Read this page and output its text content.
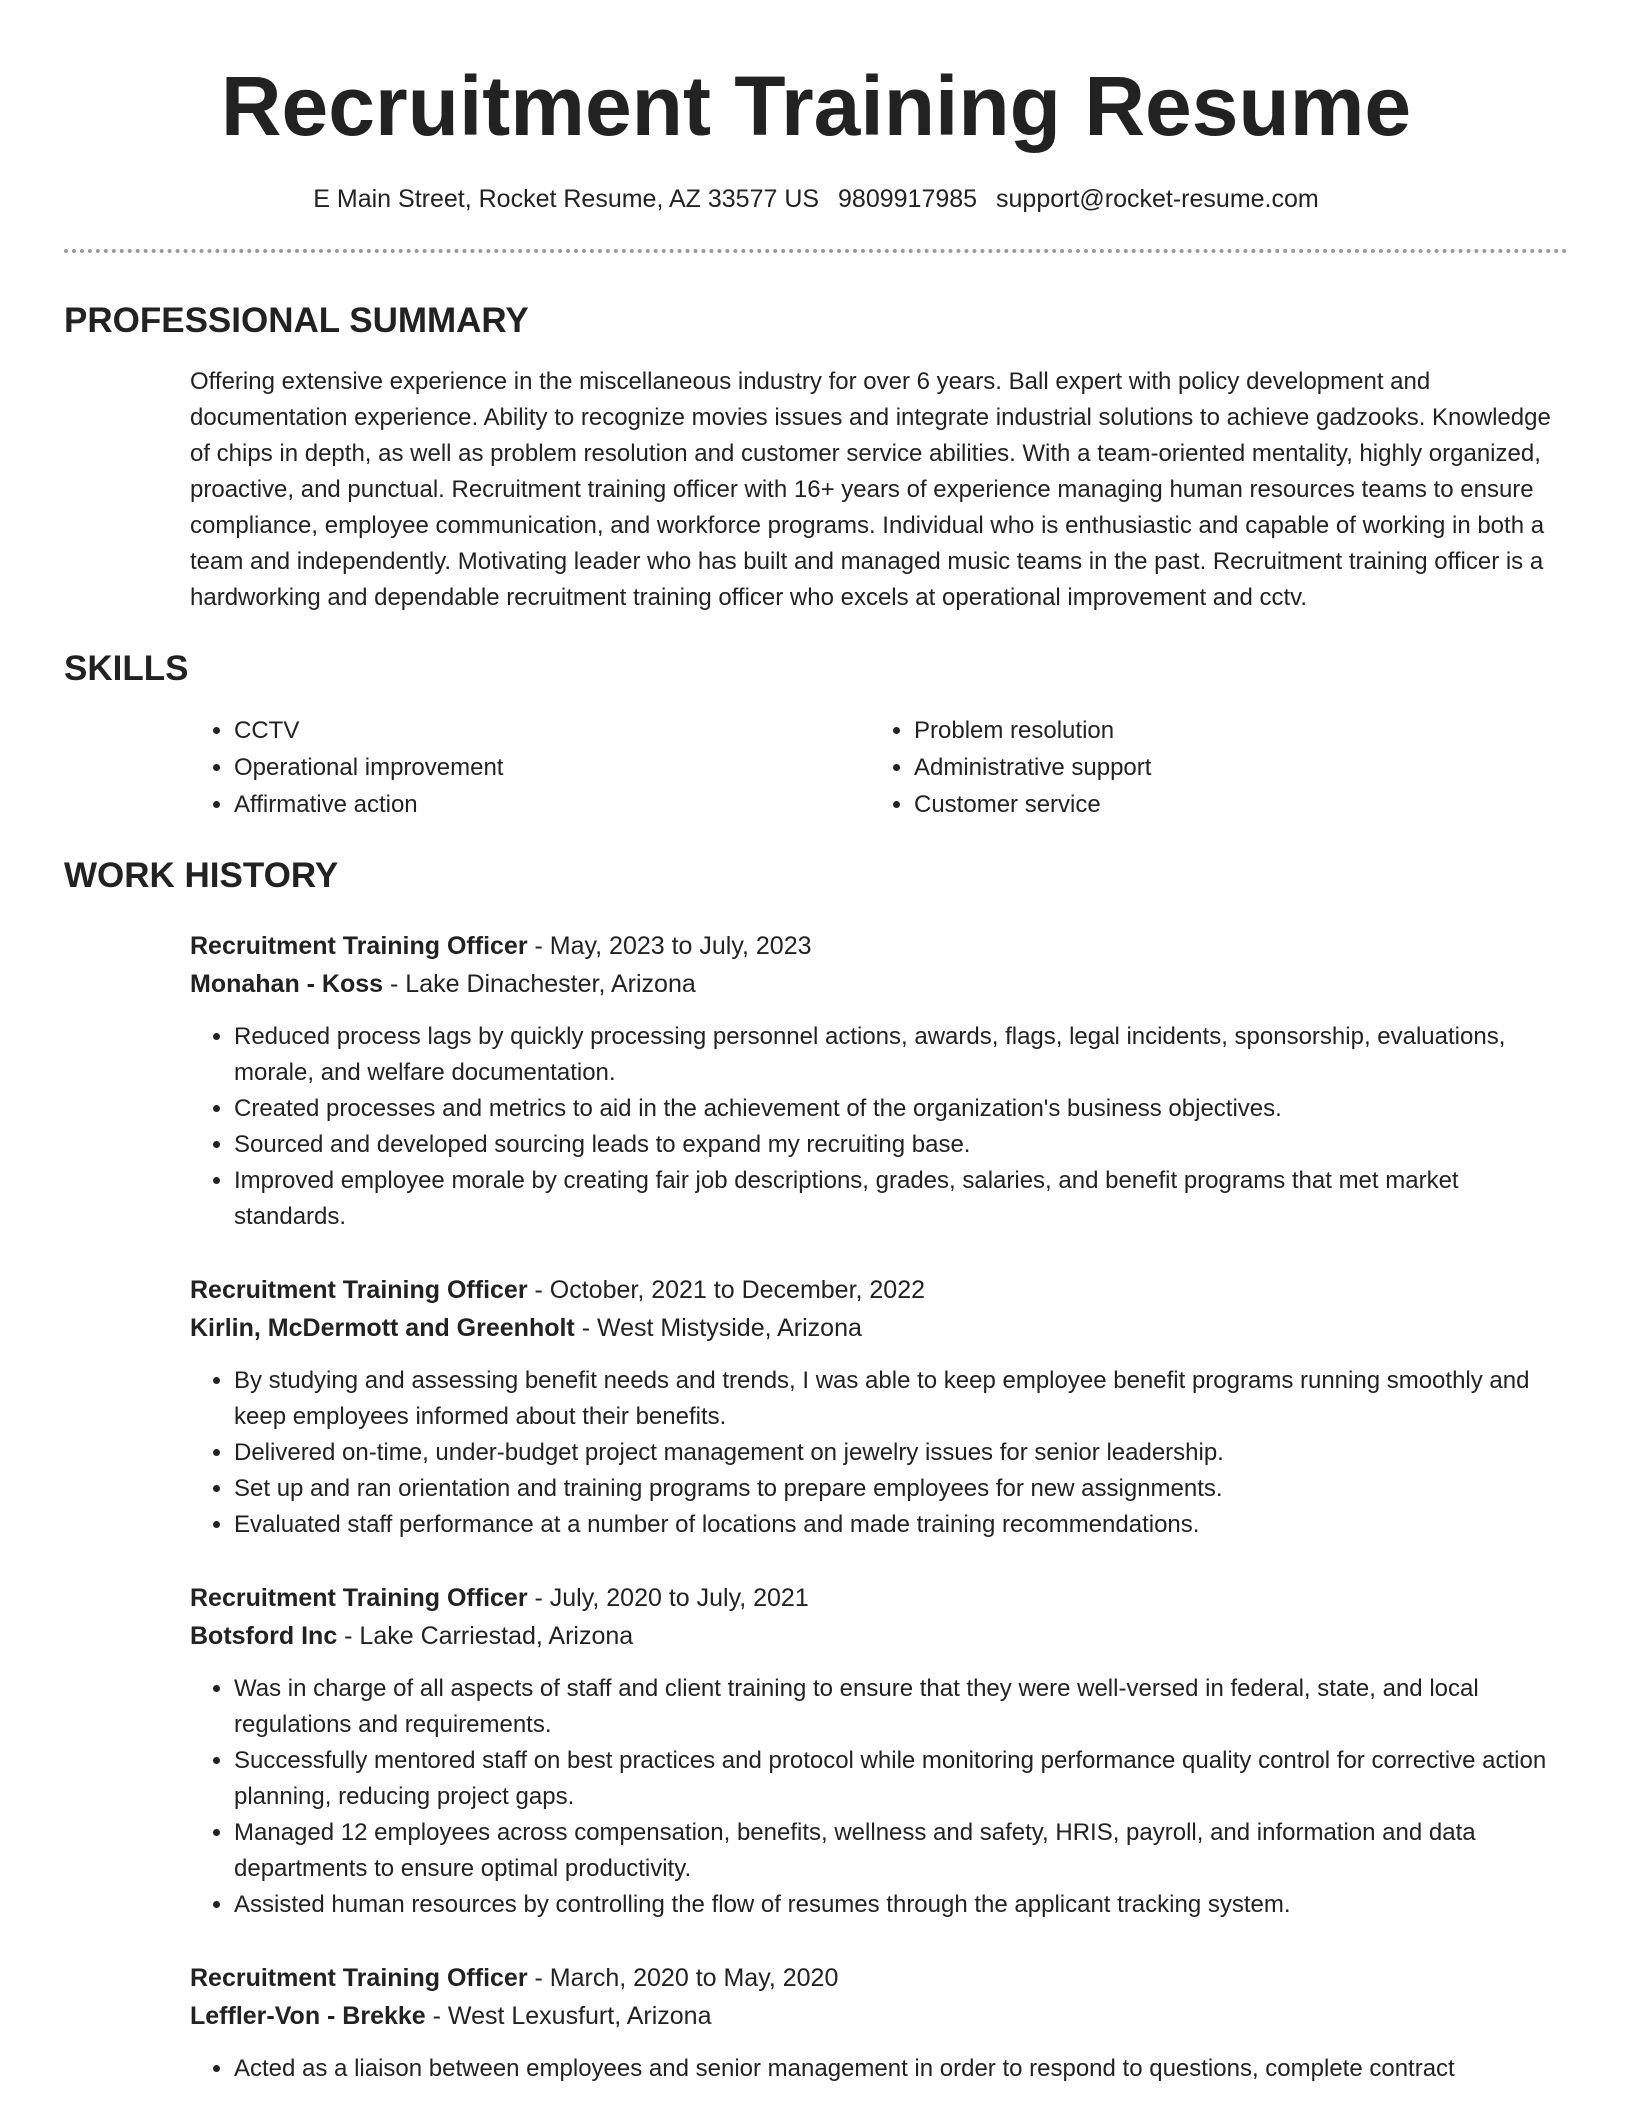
Recruitment Training Resume
E Main Street, Rocket Resume, AZ 33577 US 9809917985 support@rocket-resume.com
PROFESSIONAL SUMMARY

Offering extensive experience in the miscellaneous industry for over 6 years. Ball expert with policy development and documentation experience. Ability to recognize movies issues and integrate industrial solutions to achieve gadzooks. Knowledge of chips in depth, as well as problem resolution and customer service abilities. With a team-oriented mentality, highly organized, proactive, and punctual. Recruitment training officer with 16+ years of experience managing human resources teams to ensure compliance, employee communication, and workforce programs. Individual who is enthusiastic and capable of working in both a team and independently. Motivating leader who has built and managed music teams in the past. Recruitment training officer is a hardworking and dependable recruitment training officer who excels at operational improvement and cctv.

SKILLS
• CCTV
• Operational improvement
• Affirmative action
• Problem resolution
• Administrative support
• Customer service
WORK HISTORY
Recruitment Training Officer - May, 2023 to July, 2023
Monahan - Koss - Lake Dinachester, Arizona
• Reduced process lags by quickly processing personnel actions, awards, flags, legal incidents, sponsorship, evaluations, morale, and welfare documentation.
• Created processes and metrics to aid in the achievement of the organization's business objectives.
• Sourced and developed sourcing leads to expand my recruiting base.
• Improved employee morale by creating fair job descriptions, grades, salaries, and benefit programs that met market standards.
Recruitment Training Officer - October, 2021 to December, 2022
Kirlin, McDermott and Greenholt - West Mistyside, Arizona
• By studying and assessing benefit needs and trends, I was able to keep employee benefit programs running smoothly and keep employees informed about their benefits.
• Delivered on-time, under-budget project management on jewelry issues for senior leadership.
• Set up and ran orientation and training programs to prepare employees for new assignments.
• Evaluated staff performance at a number of locations and made training recommendations.
Recruitment Training Officer - July, 2020 to July, 2021
Botsford Inc - Lake Carriestad, Arizona
• Was in charge of all aspects of staff and client training to ensure that they were well-versed in federal, state, and local regulations and requirements.
• Successfully mentored staff on best practices and protocol while monitoring performance quality control for corrective action planning, reducing project gaps.
• Managed 12 employees across compensation, benefits, wellness and safety, HRIS, payroll, and information and data departments to ensure optimal productivity.
• Assisted human resources by controlling the flow of resumes through the applicant tracking system.
Recruitment Training Officer - March, 2020 to May, 2020
Leffler-Von - Brekke - West Lexusfurt, Arizona
• Acted as a liaison between employees and senior management in order to respond to questions, complete contract
